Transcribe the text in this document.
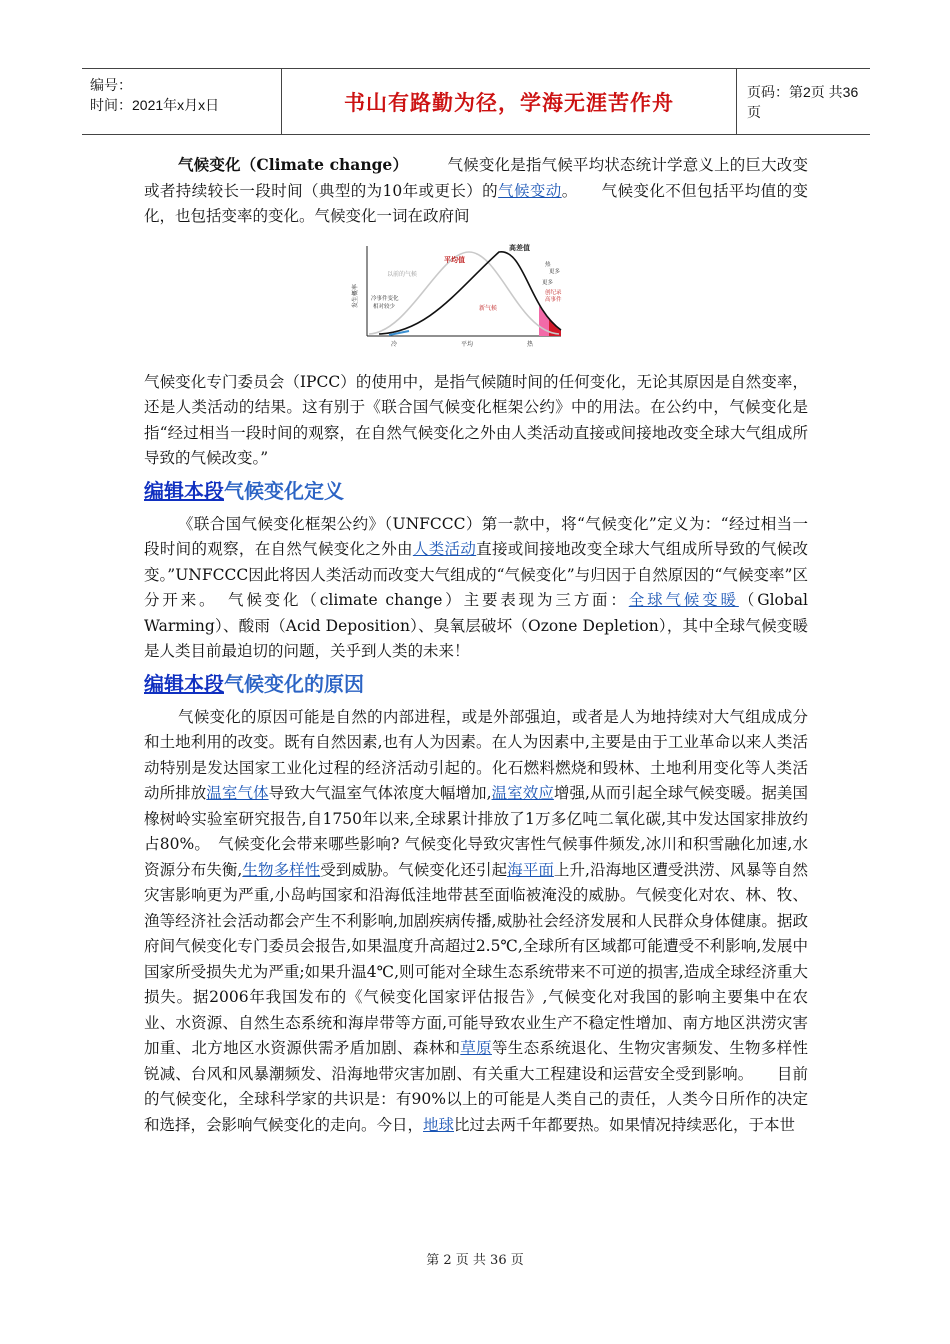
编号：
时间：2021年x月x日	书山有路勤为径，学海无涯苦作舟	页码：第2页 共36页

气候变化（Climate change）　　　	气候变化是指气候平均状态统计学意义上的巨大改变或者持续较长一段时间（典型的为10年或更长）的气候变动。　　气候变化不但包括平均值的变化，也包括变率的变化。气候变化一词在政府间

平均值
高差值
以前的气候
新气候
冷事件变化
相对较少
更多
创纪录
高事件
更多
热
冷	平均	热
发生概率

气候变化专门委员会（IPCC）的使用中，是指气候随时间的任何变化，无论其原因是自然变率，还是人类活动的结果。这有别于《联合国气候变化框架公约》中的用法。在公约中，气候变化是指“经过相当一段时间的观察，在自然气候变化之外由人类活动直接或间接地改变全球大气组成所导致的气候改变。”

编辑本段气候变化定义

《联合国气候变化框架公约》（UNFCCC）第一款中，将“气候变化”定义为：“经过相当一段时间的观察，在自然气候变化之外由人类活动直接或间接地改变全球大气组成所导致的气候改变。”UNFCCC因此将因人类活动而改变大气组成的“气候变化”与归因于自然原因的“气候变率”区分开来。　气候变化（climate change）主要表现为三方面：全球气候变暖（Global Warming）、酸雨（Acid Deposition）、臭氧层破坏（Ozone Depletion），其中全球气候变暖是人类目前最迫切的问题，关乎到人类的未来！

编辑本段气候变化的原因

气候变化的原因可能是自然的内部进程，或是外部强迫，或者是人为地持续对大气组成成分和土地利用的改变。既有自然因素,也有人为因素。在人为因素中,主要是由于工业革命以来人类活动特别是发达国家工业化过程的经济活动引起的。化石燃料燃烧和毁林、土地利用变化等人类活动所排放温室气体导致大气温室气体浓度大幅增加,温室效应增强,从而引起全球气候变暖。据美国橡树岭实验室研究报告,自1750年以来,全球累计排放了1万多亿吨二氧化碳,其中发达国家排放约占80%。　气候变化会带来哪些影响? 气候变化导致灾害性气候事件频发,冰川和积雪融化加速,水资源分布失衡,生物多样性受到威胁。气候变化还引起海平面上升,沿海地区遭受洪涝、风暴等自然灾害影响更为严重,小岛屿国家和沿海低洼地带甚至面临被淹没的威胁。气候变化对农、林、牧、渔等经济社会活动都会产生不利影响,加剧疾病传播,威胁社会经济发展和人民群众身体健康。据政府间气候变化专门委员会报告,如果温度升高超过2.5℃,全球所有区域都可能遭受不利影响,发展中国家所受损失尤为严重;如果升温4℃,则可能对全球生态系统带来不可逆的损害,造成全球经济重大损失。据2006年我国发布的《气候变化国家评估报告》,气候变化对我国的影响主要集中在农业、水资源、自然生态系统和海岸带等方面,可能导致农业生产不稳定性增加、南方地区洪涝灾害加重、北方地区水资源供需矛盾加剧、森林和草原等生态系统退化、生物灾害频发、生物多样性锐减、台风和风暴潮频发、沿海地带灾害加剧、有关重大工程建设和运营安全受到影响。　　目前的气候变化，全球科学家的共识是：有90%以上的可能是人类自己的责任，人类今日所作的决定和选择，会影响气候变化的走向。今日，地球比过去两千年都要热。如果情况持续恶化，于本世

第 2 页 共 36 页
